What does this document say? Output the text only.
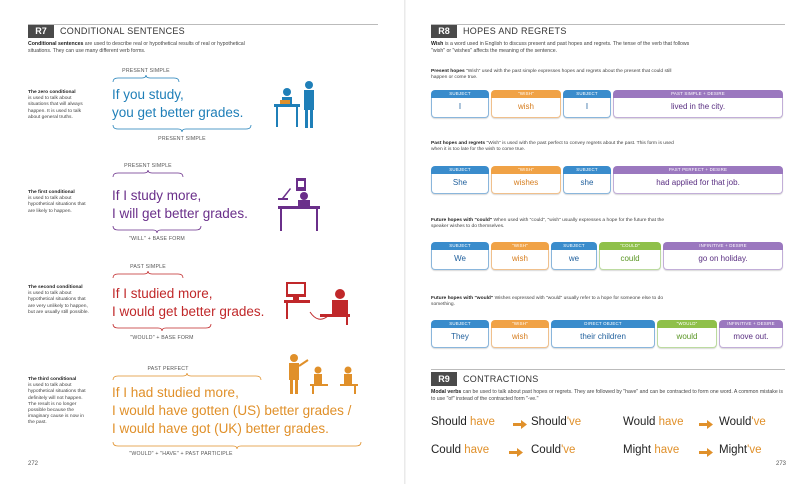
R7	CONDITIONAL SENTENCES
Conditional sentences are used to describe real or hypothetical results of real or hypothetical situations. They can use many different verb forms.
The zero conditional
is used to talk about situations that will always happen. It is used to talk about general truths.
PRESENT SIMPLE
If you study,
you get better grades.
PRESENT SIMPLE
The first conditional
is used to talk about hypothetical situations that are likely to happen.
PRESENT SIMPLE
If I study more,
I will get better grades.
"WILL" + BASE FORM
The second conditional
is used to talk about hypothetical situations that are very unlikely to happen, but are usually still possible.
PAST SIMPLE
If I studied more,
I would get better grades.
"WOULD" + BASE FORM
The third conditional
is used to talk about hypothetical situations that definitely will not happen. The result is no longer possible because the imaginary cause is now in the past.
PAST PERFECT
If I had studied more,
I would have gotten (US) better grades /
I would have got (UK) better grades.
"WOULD" + "HAVE" + PAST PARTICIPLE
272
R8	HOPES AND REGRETS
Wish is a word used in English to discuss present and past hopes and regrets. The tense of the verb that follows "wish" or "wishes" affects the meaning of the sentence.
Present hopes "Wish" used with the past simple expresses hopes and regrets about the present that could still happen or come true.
SUBJECT
I
"WISH"
wish
SUBJECT
I
PAST SIMPLE + DESIRE
lived in the city.
Past hopes and regrets "Wish" is used with the past perfect to convey regrets about the past. This form is used when it is too late for the wish to come true.
SUBJECT
She
"WISH"
wishes
SUBJECT
she
PAST PERFECT + DESIRE
had applied for that job.
Future hopes with "could" When used with "could", "wish" usually expresses a hope for the future that the speaker wishes to do themselves.
SUBJECT
We
"WISH"
wish
SUBJECT
we
"COULD"
could
INFINITIVE + DESIRE
go on holiday.
Future hopes with "would" Wishes expressed with "would" usually refer to a hope for someone else to do something.
SUBJECT
They
"WISH"
wish
DIRECT OBJECT
their children
"WOULD"
would
INFINITIVE + DESIRE
move out.
R9	CONTRACTIONS
Modal verbs can be used to talk about past hopes or regrets. They are followed by "have" and can be contracted to form one word. A common mistake is to use "of" instead of the contracted form "-ve."
Should have	Should've	Would have	Would've
Could have	Could've	Might have	Might've
273
